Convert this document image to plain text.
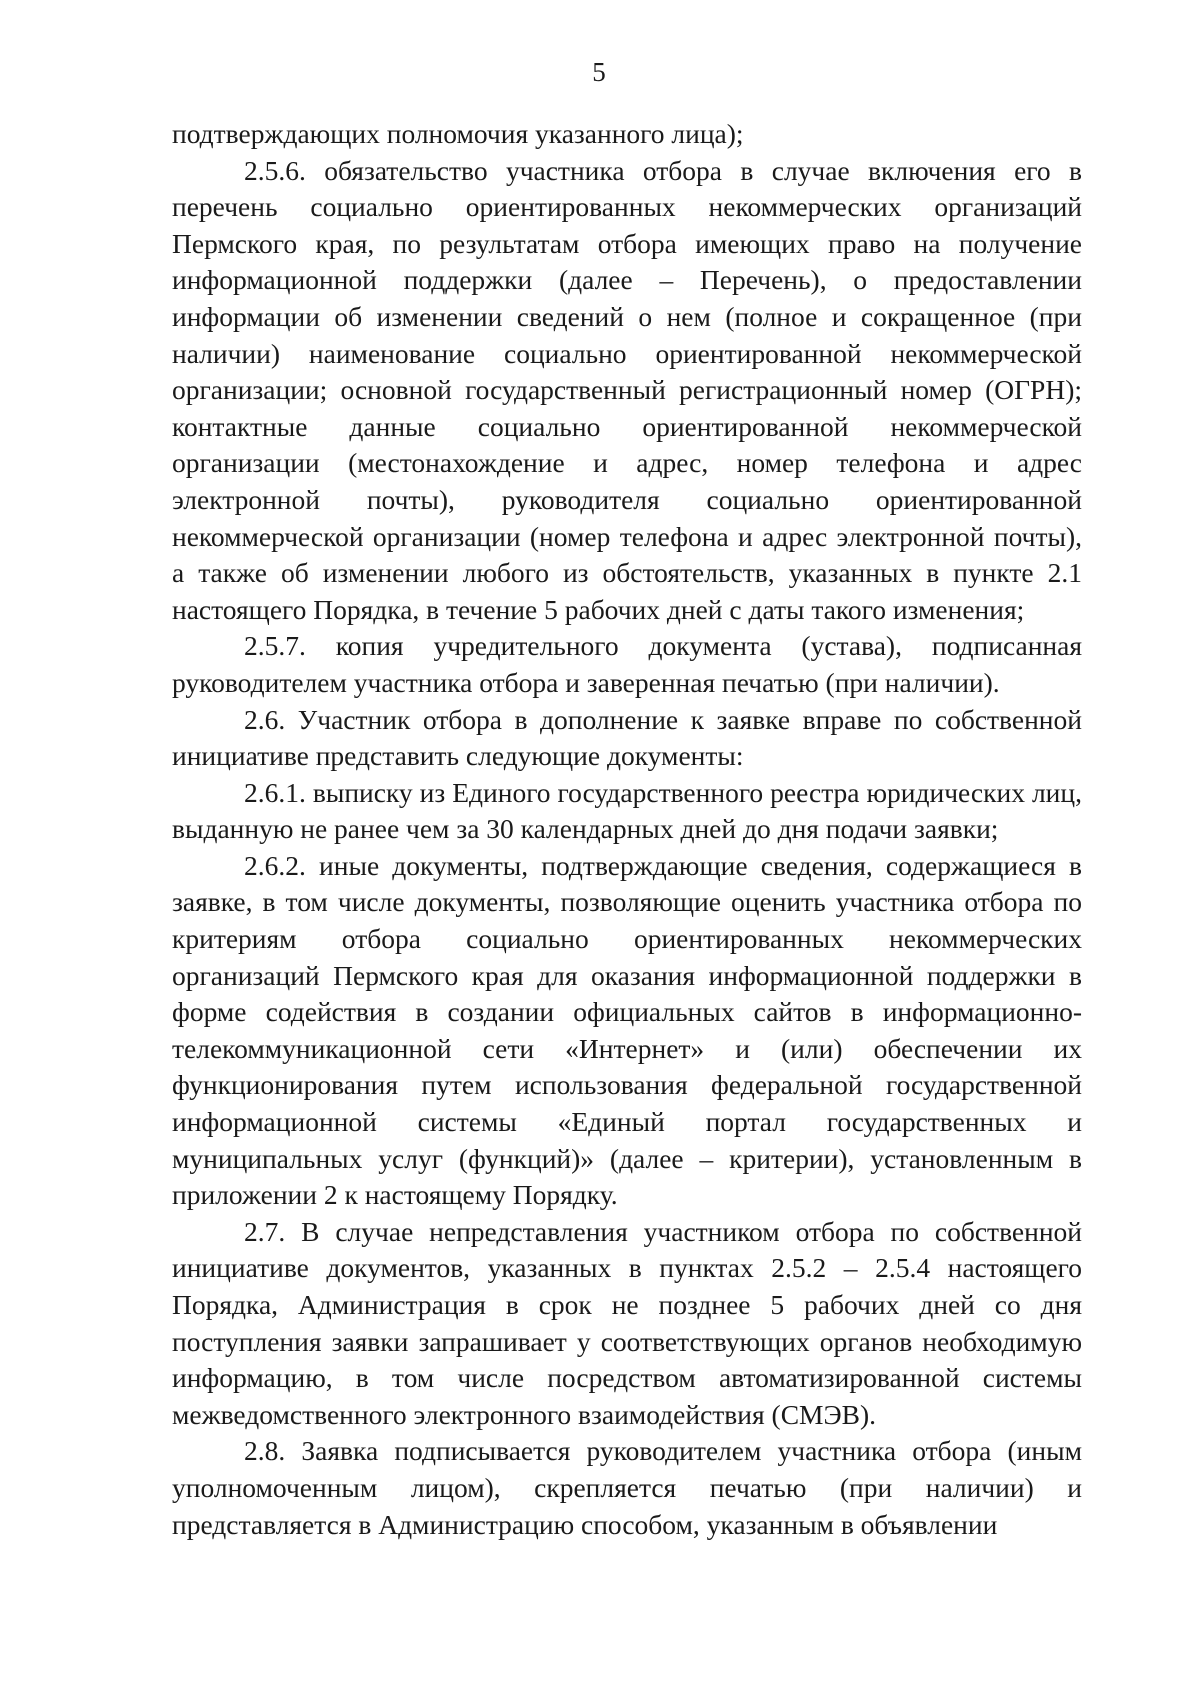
5

подтверждающих полномочия указанного лица);

2.5.6. обязательство участника отбора в случае включения его в перечень социально ориентированных некоммерческих организаций Пермского края, по результатам отбора имеющих право на получение информационной поддержки (далее – Перечень), о предоставлении информации об изменении сведений о нем (полное и сокращенное (при наличии) наименование социально ориентированной некоммерческой организации; основной государственный регистрационный номер (ОГРН); контактные данные социально ориентированной некоммерческой организации (местонахождение и адрес, номер телефона и адрес электронной почты), руководителя социально ориентированной некоммерческой организации (номер телефона и адрес электронной почты), а также об изменении любого из обстоятельств, указанных в пункте 2.1 настоящего Порядка, в течение 5 рабочих дней с даты такого изменения;

2.5.7. копия учредительного документа (устава), подписанная руководителем участника отбора и заверенная печатью (при наличии).

2.6. Участник отбора в дополнение к заявке вправе по собственной инициативе представить следующие документы:

2.6.1. выписку из Единого государственного реестра юридических лиц, выданную не ранее чем за 30 календарных дней до дня подачи заявки;

2.6.2. иные документы, подтверждающие сведения, содержащиеся в заявке, в том числе документы, позволяющие оценить участника отбора по критериям отбора социально ориентированных некоммерческих организаций Пермского края для оказания информационной поддержки в форме содействия в создании официальных сайтов в информационно-телекоммуникационной сети «Интернет» и (или) обеспечении их функционирования путем использования федеральной государственной информационной системы «Единый портал государственных и муниципальных услуг (функций)» (далее – критерии), установленным в приложении 2 к настоящему Порядку.

2.7. В случае непредставления участником отбора по собственной инициативе документов, указанных в пунктах 2.5.2 – 2.5.4 настоящего Порядка, Администрация в срок не позднее 5 рабочих дней со дня поступления заявки запрашивает у соответствующих органов необходимую информацию, в том числе посредством автоматизированной системы межведомственного электронного взаимодействия (СМЭВ).

2.8. Заявка подписывается руководителем участника отбора (иным уполномоченным лицом), скрепляется печатью (при наличии) и представляется в Администрацию способом, указанным в объявлении
